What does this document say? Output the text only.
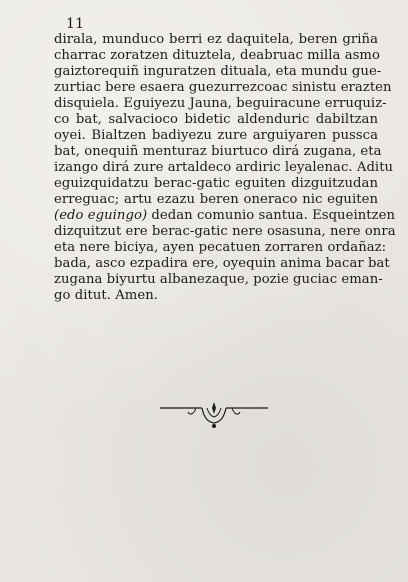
11
dirala, munduco berri ez daquitela, beren griña
charrac zoratzen dituztela, deabruac milla asmo
gaiztorequiñ inguratzen dituala, eta mundu gue-
zurtiac bere esaera guezurrezcoac sinistu erazten
disquiela. Eguiyezu Jauna, beguiracune erruquiz-
co bat, salvacioco bidetic aldenduric dabiltzan
oyei. Bialtzen badiyezu zure arguiyaren pussca
bat, onequiñ menturaz biurtuco dirá zugana, eta
izango dirá zure artaldeco ardiric leyalenac. Aditu
eguizquidatzu berac-gatic eguiten dizguitzudan
erreguac; artu ezazu beren oneraco nic eguiten
(edo eguingo) dedan comunio santua. Esqueintzen
dizquitzut ere berac-gatic nere osasuna, nere onra
eta nere biciya, ayen pecatuen zorraren ordañaz:
bada, asco ezpadira ere, oyequin anima bacar bat
zugana biyurtu albanezaque, pozie guciac eman-
go ditut. Amen.
